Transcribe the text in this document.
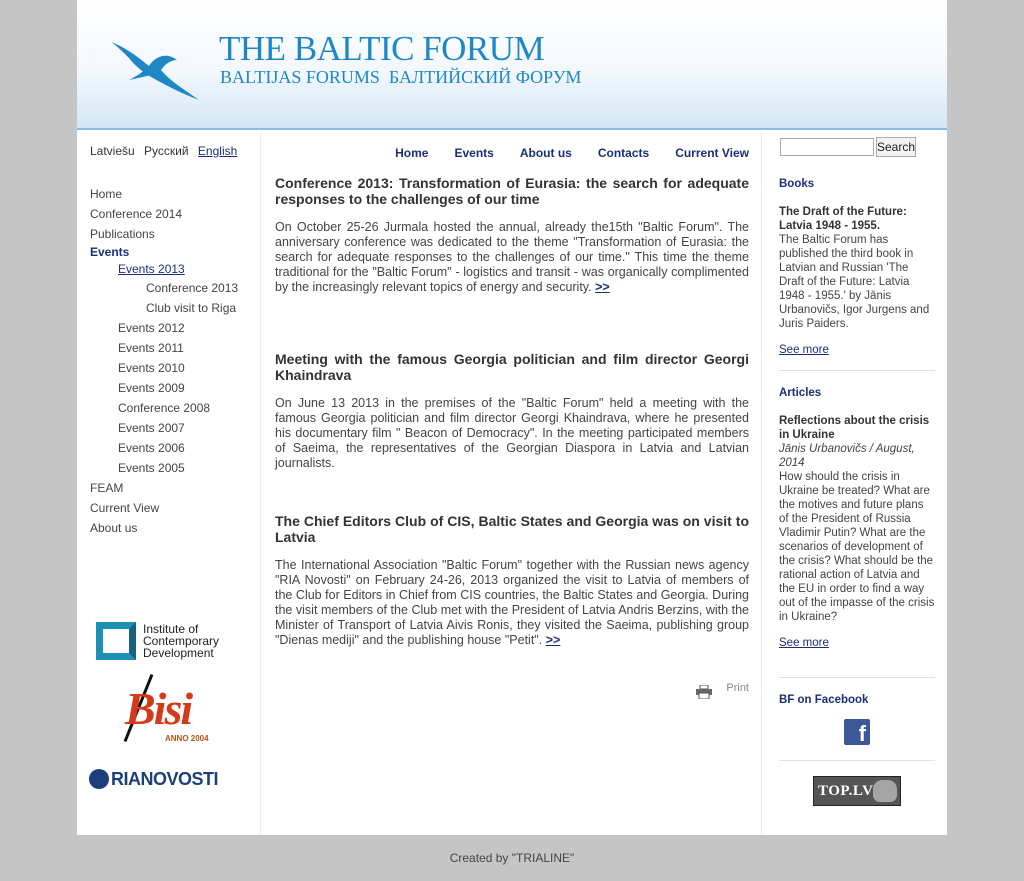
THE BALTIC FORUM
BALTIJAS FORUMS  БАЛТИЙСКИЙ ФОРУМ
Latviešu Русский English
Home
Conference 2014
Publications
Events
Events 2013
Conference 2013
Club visit to Riga
Events 2012
Events 2011
Events 2010
Events 2009
Conference 2008
Events 2007
Events 2006
Events 2005
FEAM
Current View
About us
Institute of
Contemporary
Development
Bisi
ANNO 2004
RIANOVOSTI
Home Events About us Contacts Current View
Conference 2013: Transformation of Eurasia: the search for adequate responses to the challenges of our time

On October 25-26 Jurmala hosted the annual, already the15th "Baltic Forum". The anniversary conference was dedicated to the theme "Transformation of Eurasia: the search for adequate responses to the challenges of our time." This time the theme traditional for the "Baltic Forum" - logistics and transit - was organically complimented by the increasingly relevant topics of energy and security. >>

Meeting with the famous Georgia politician and film director Georgi Khaindrava

On June 13 2013 in the premises of the "Baltic Forum" held a meeting with the famous Georgia politician and film director Georgi Khaindrava, where he presented his documentary film " Beacon of Democracy". In the meeting participated members of Saeima, the representatives of the Georgian Diaspora in Latvia and Latvian journalists.

The Chief Editors Club of CIS, Baltic States and Georgia was on visit to Latvia

The International Association "Baltic Forum" together with the Russian news agency "RIA Novosti" on February 24-26, 2013 organized the visit to Latvia of members of the Club for Editors in Chief from CIS countries, the Baltic States and Georgia. During the visit members of the Club met with the President of Latvia Andris Berzins, with the Minister of Transport of Latvia Aivis Ronis, they visited the Saeima, publishing group "Dienas mediji" and the publishing house "Petit". >>

Print
Search
Books
The Draft of the Future: Latvia 1948 - 1955.
The Baltic Forum has published the third book in Latvian and Russian 'The Draft of the Future: Latvia 1948 - 1955.' by Jānis Urbanovičs, Igor Jurgens and Juris Paiders.
See more
Articles
Reflections about the crisis in Ukraine
Jānis Urbanovičs / August, 2014
How should the crisis in Ukraine be treated? What are the motives and future plans of the President of Russia Vladimir Putin? What are the scenarios of development of the crisis? What should be the rational action of Latvia and the EU in order to find a way out of the impasse of the crisis in Ukraine?
See more
BF on Facebook
f
TOP.LV
Created by "TRIALINE"
